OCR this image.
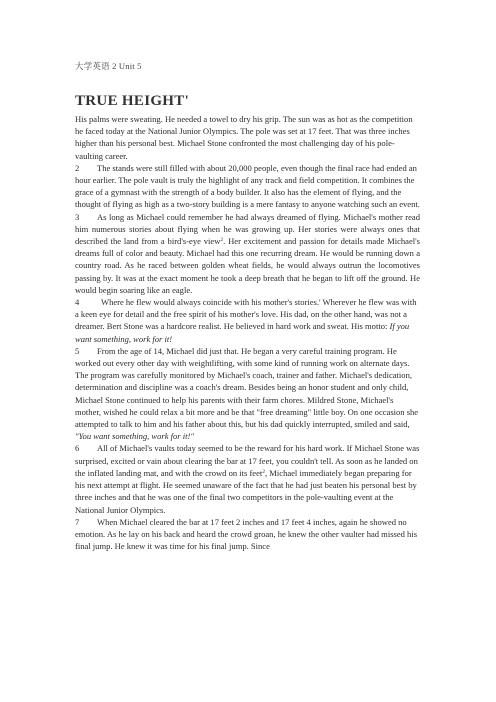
大学英语 2 Unit 5
TRUE HEIGHT'

His palms were sweating. He needed a towel to dry his grip. The sun was as hot as the competition he faced today at the National Junior Olympics. The pole was set at 17 feet. That was three inches higher than his personal best. Michael Stone confronted the most challenging day of his pole-vaulting career.

2 The stands were still filled with about 20,000 people, even though the final race had ended an hour earlier. The pole vault is truly the highlight of any track and field competition. It combines the grace of a gymnast with the strength of a body builder. It also has the element of flying, and the thought of flying as high as a two-story building is a mere fantasy to anyone watching such an event.

3 As long as Michael could remember he had always dreamed of flying. Michael's mother read him numerous stories about flying when he was growing up. Her stories were always ones that described the land from a bird's-eye view$^2$. Her excitement and passion for details made Michael's dreams full of color and beauty. Michael had this one recurring dream. He would be running down a country road. As he raced between golden wheat fields, he would always outrun the locomotives passing by. It was at the exact moment he took a deep breath that he began to lift off the ground. He would begin soaring like an eagle.

4	Where he flew would always coincide with his mother's stories.' Wherever he flew was with a keen eye for detail and the free spirit of his mother's love. His dad, on the other hand, was not a dreamer. Bert Stone was a hardcore realist. He believed in hard work and sweat. His motto: If you want something, work for it!

5 From the age of 14, Michael did just that. He began a very careful training program. He worked out every other day with weightlifting, with some kind of running work on alternate days. The program was carefully monitored by Michael's coach, trainer and father. Michael's dedication, determination and discipline was a coach's dream. Besides being an honor student and only child, Michael Stone continued to help his parents with their farm chores. Mildred Stone, Michael's mother, wished he could relax a bit more and be that "free dreaming" little boy. On one occasion she attempted to talk to him and his father about this, but his dad quickly interrupted, smiled and said, "You want something, work for it!"

6 All of Michael's vaults today seemed to be the reward for his hard work. If Michael Stone was surprised, excited or vain about clearing the bar at 17 feet, you couldn't tell. As soon as he landed on the inflated landing mat, and with the crowd on its feet$^2$, Michael immediately began preparing for his next attempt at flight. He seemed unaware of the fact that he had just beaten his personal best by three inches and that he was one of the final two competitors in the pole-vaulting event at the National Junior Olympics.

7 When Michael cleared the bar at 17 feet 2 inches and 17 feet 4 inches, again he showed no emotion. As he lay on his back and heard the crowd groan, he knew the other vaulter had missed his final jump. He knew it was time for his final jump. Since
